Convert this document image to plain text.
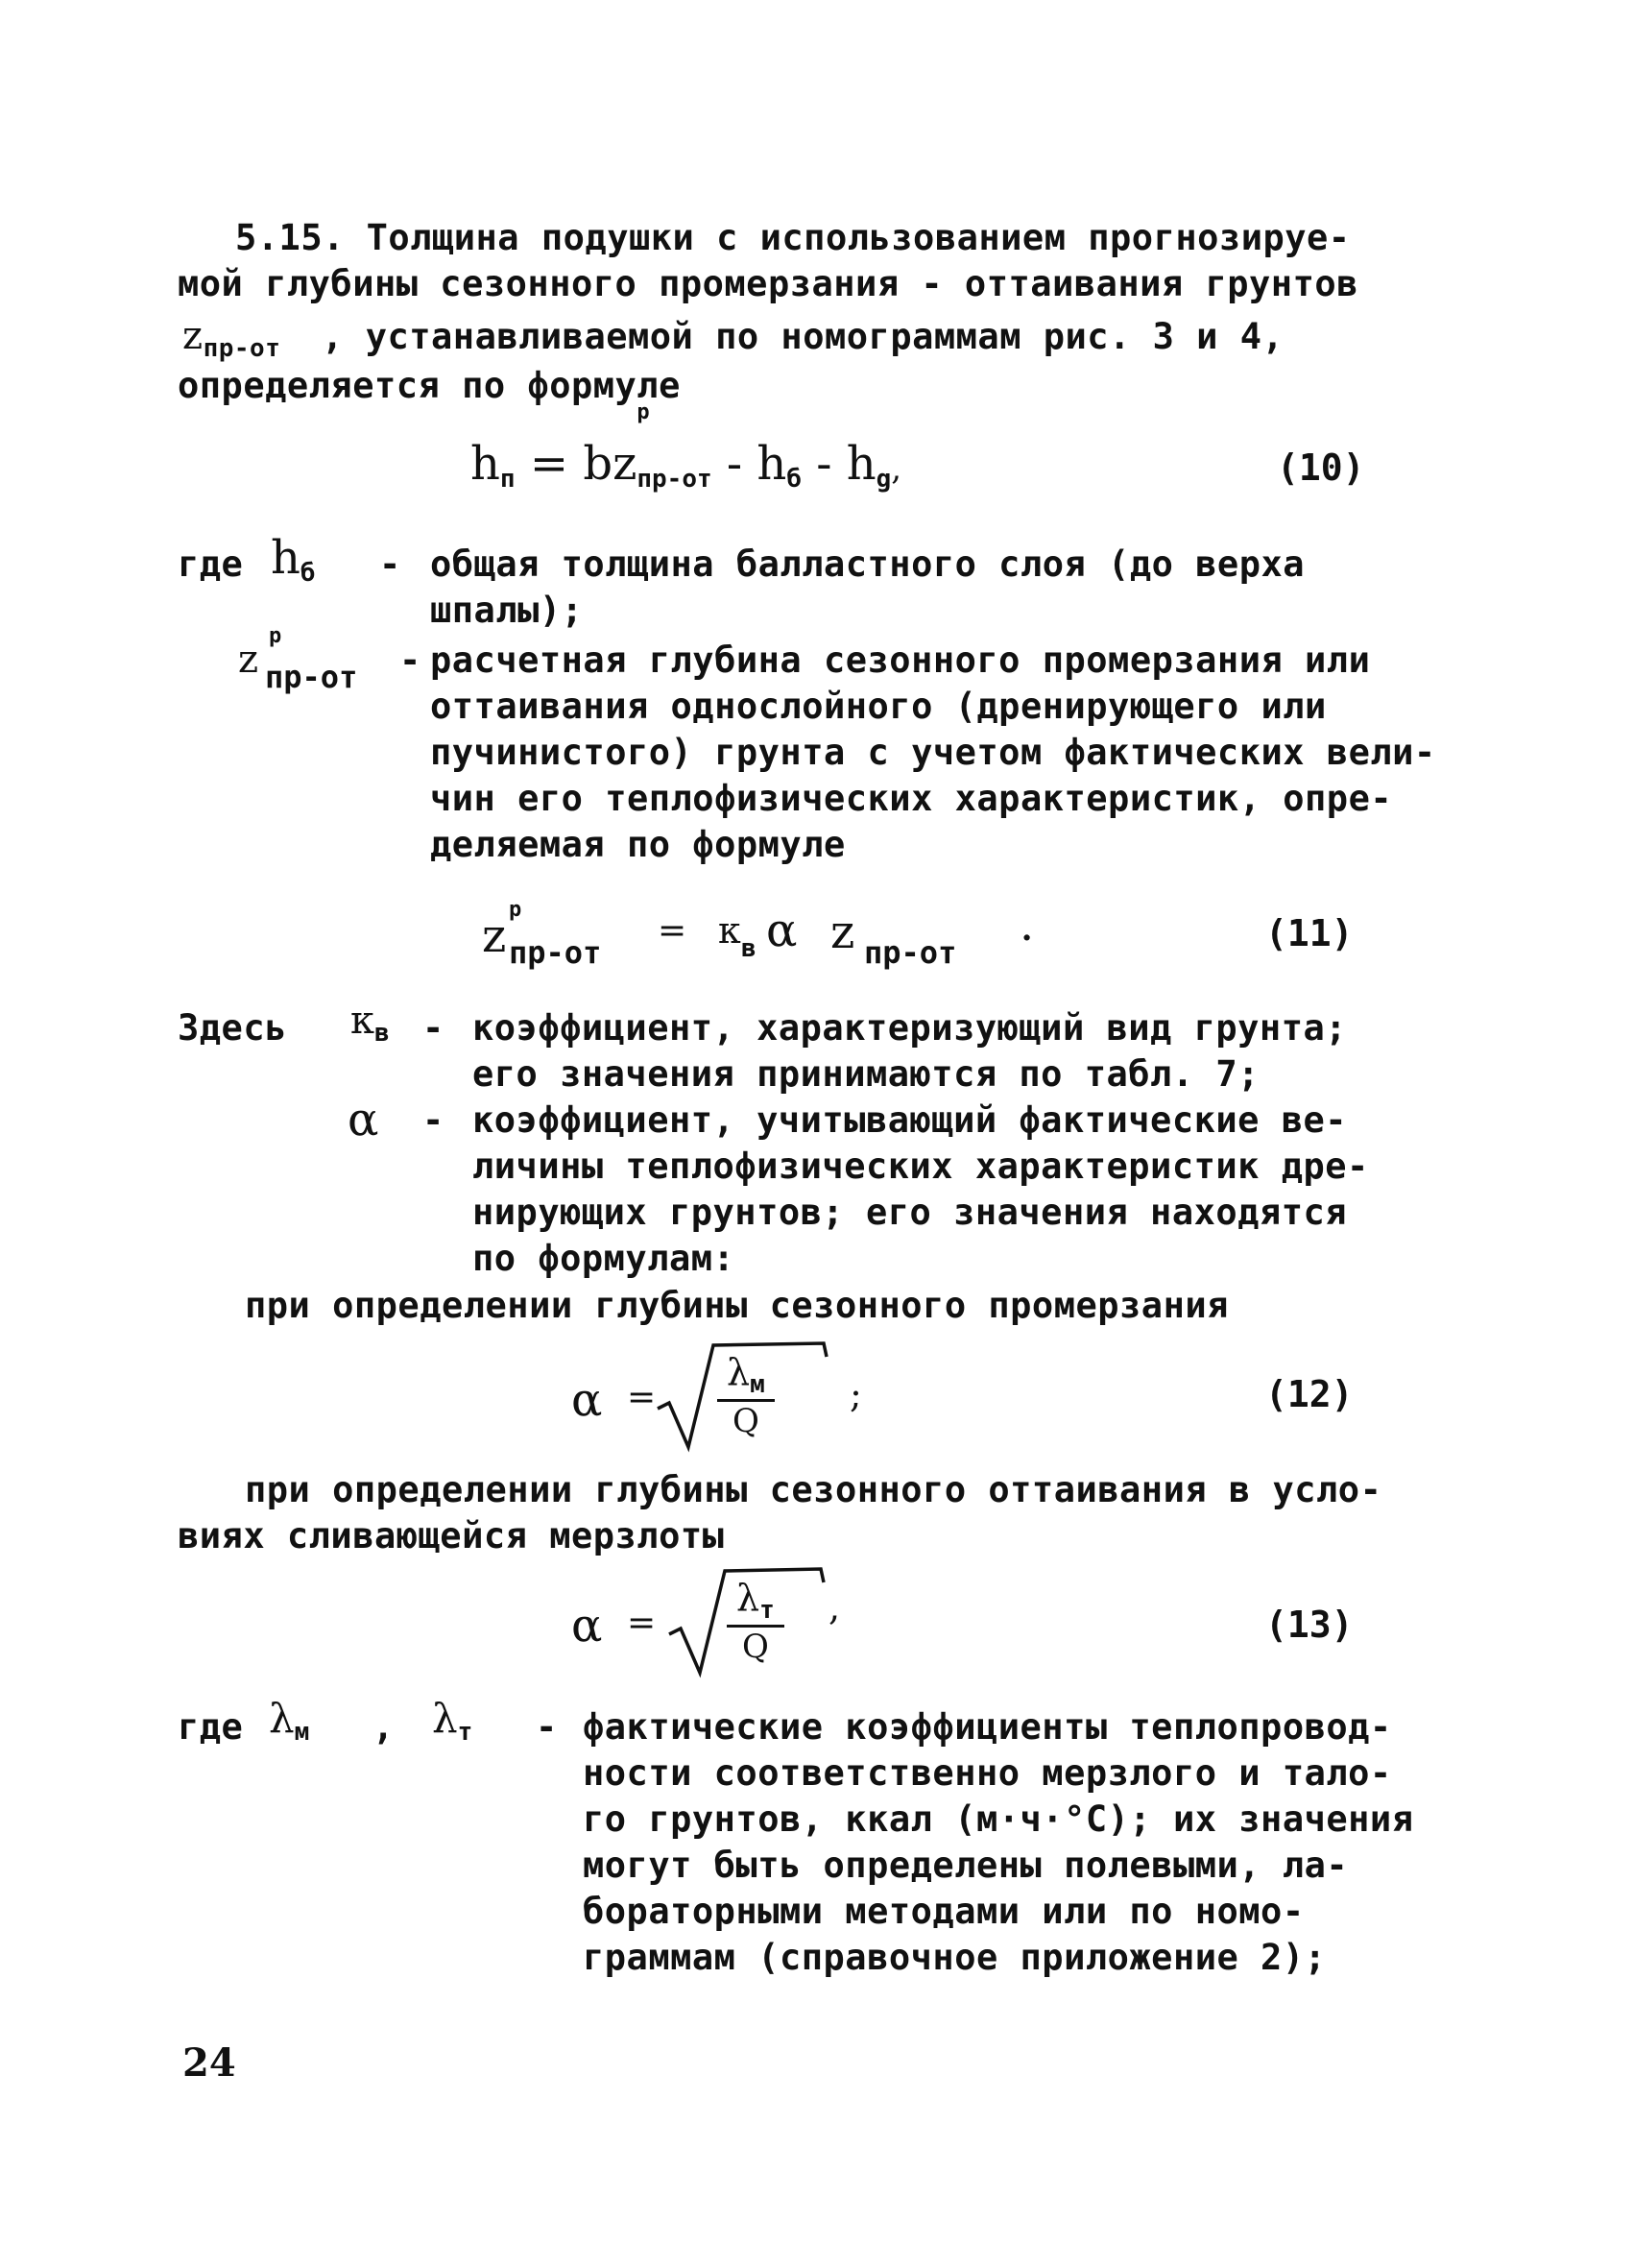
5.15. Толщина подушки с использованием прогнозируе-
мой глубины сезонного промерзания - оттаивания грунтов
$z_{пр-от}$ , устанавливаемой по номограммам рис. 3 и 4,
определяется по формуле
$h_п$ = bz
р
$_{пр-от} - h_б - h_g$,	(10)
где $h_б$ - общая толщина балластного слоя (до верха
шпалы);
р
z пр-от - расчетная глубина сезонного промерзания или
оттаивания однослойного (дренирующего или
пучинистого) грунта с учетом фактических вели-
чин его теплофизических характеристик, опре-
деляемая по формуле
р
z пр-от
= к в α z пр-от ·	(11)
Здесь $к_в$ - коэффициент, характеризующий вид грунта;
его значения принимаются по табл. 7;
α - коэффициент, учитывающий фактические ве-
личины теплофизических характеристик дре-
нирующих грунтов; его значения находятся
по формулам:
при определении глубины сезонного промерзания
α =
$\lambda_м$
Q
;	(12)
при определении глубины сезонного оттаивания в усло-
виях сливающейся мерзлоты
α =
$\lambda_т$
Q
,	(13)
где $\lambda_м$ , $\lambda_т$ - фактические коэффициенты теплопровод-
ности соответственно мерзлого и тало-
го грунтов, ккал (м·ч·°С); их значения
могут быть определены полевыми, ла-
бораторными методами или по номо-
граммам (справочное приложение 2);
24
